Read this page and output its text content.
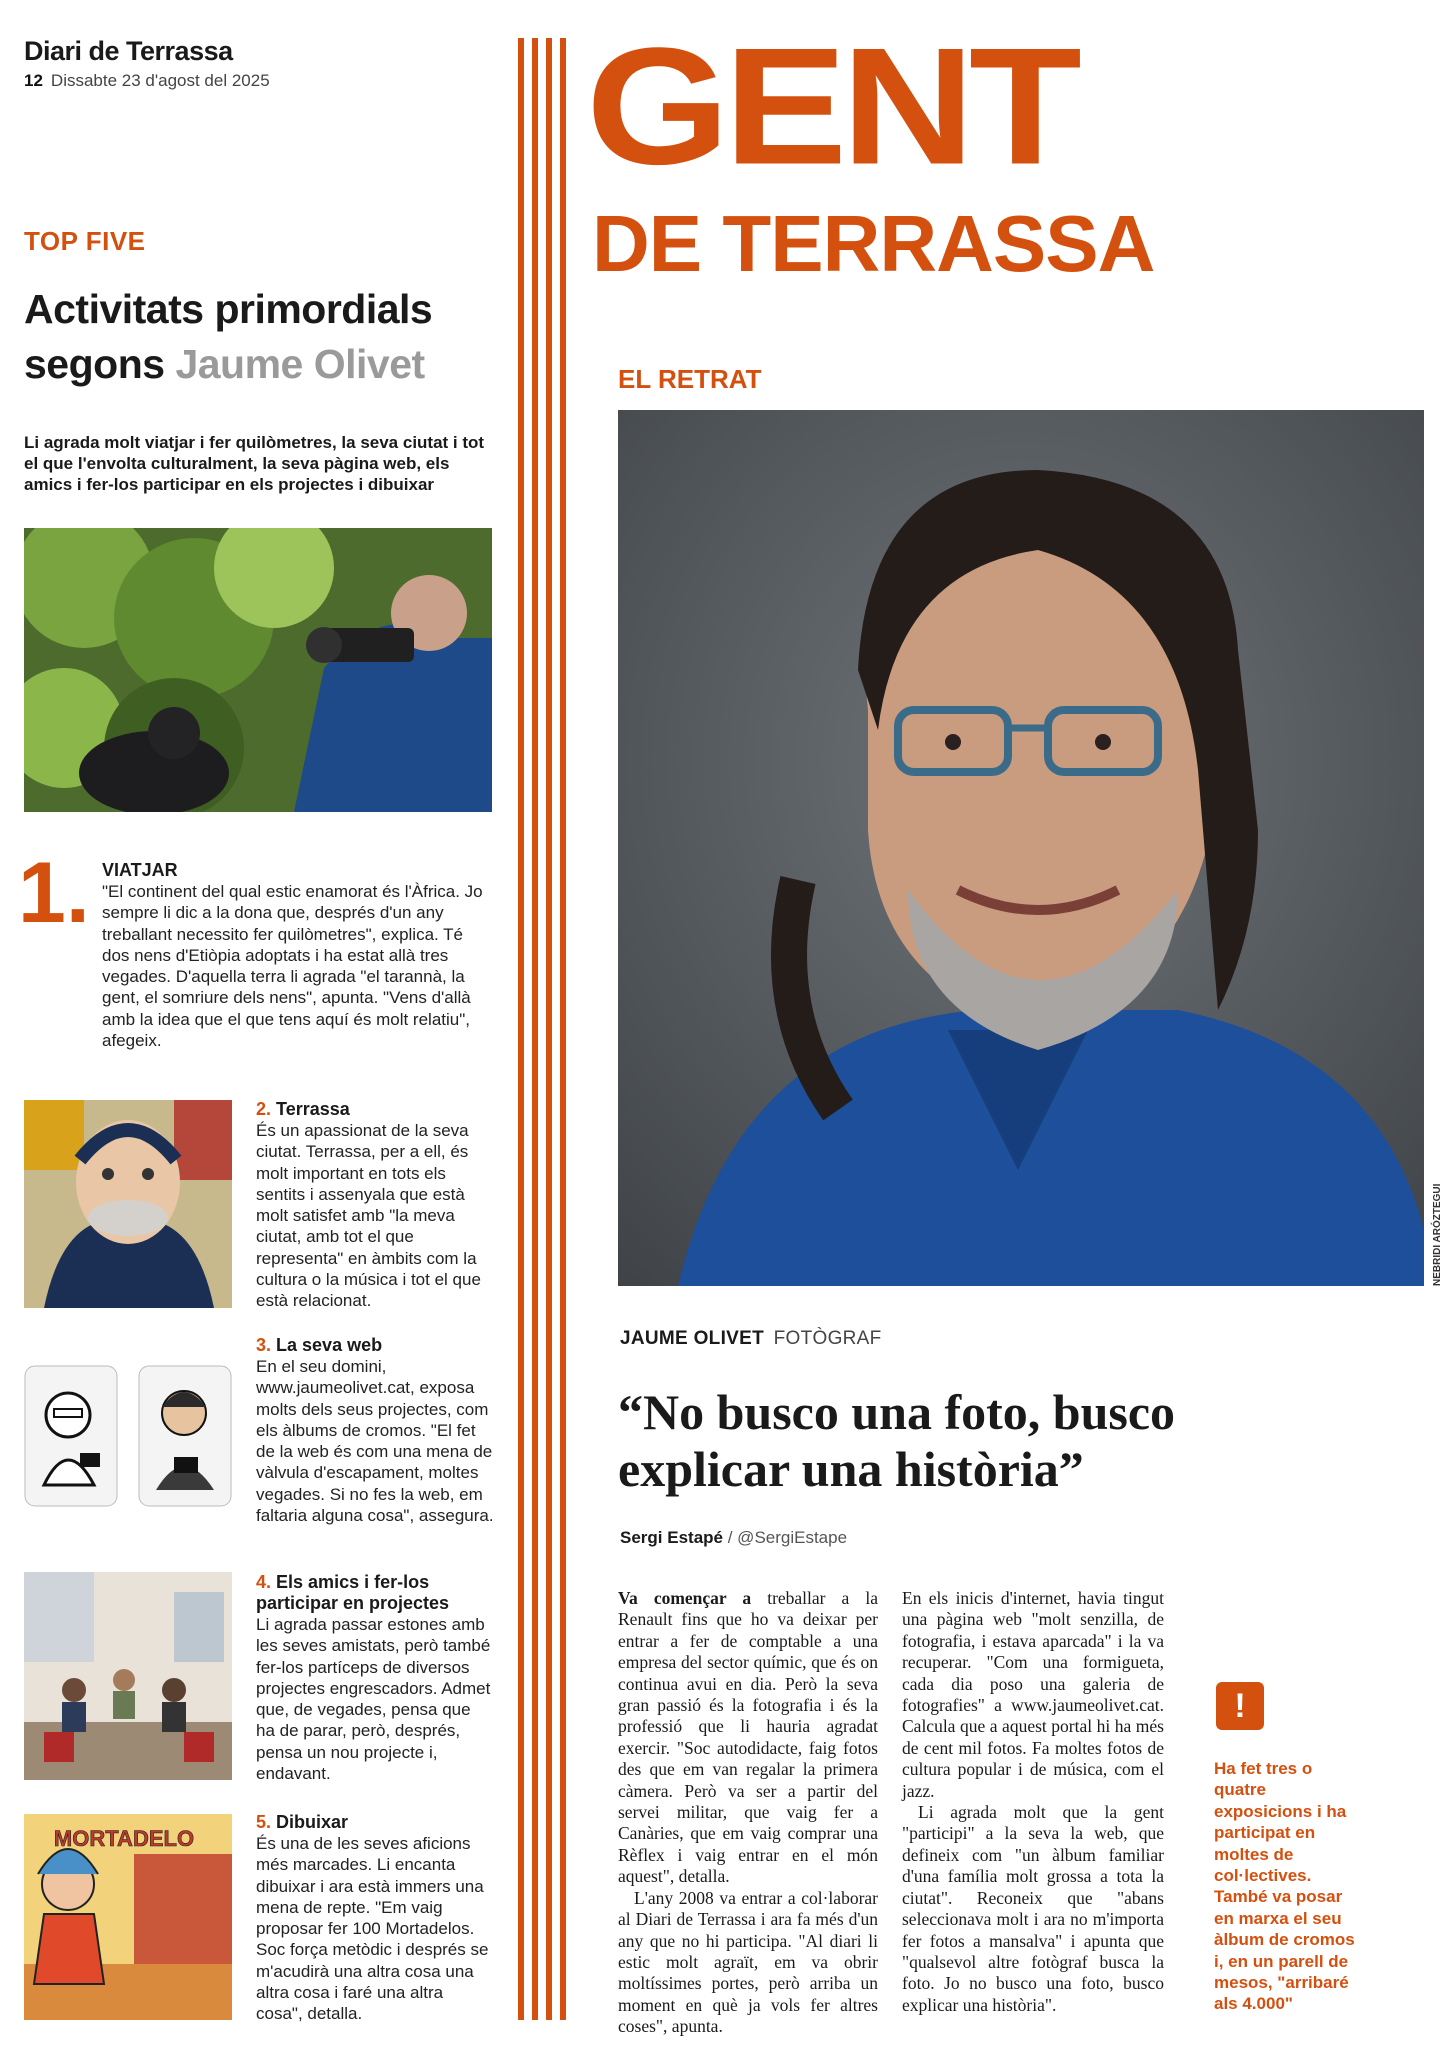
Diari de Terrassa
12 Dissabte 23 d'agost del 2025
TOP FIVE
Activitats primordials segons Jaume Olivet
Li agrada molt viatjar i fer quilòmetres, la seva ciutat i tot el que l'envolta culturalment, la seva pàgina web, els amics i fer-los participar en els projectes i dibuixar
1. VIATJAR
"El continent del qual estic enamorat és l'Àfrica. Jo sempre li dic a la dona que, després d'un any treballant necessito fer quilòmetres", explica. Té dos nens d'Etiòpia adoptats i ha estat allà tres vegades. D'aquella terra li agrada "el tarannà, la gent, el somriure dels nens", apunta. "Vens d'allà amb la idea que el que tens aquí és molt relatiu", afegeix.
2. Terrassa
És un apassionat de la seva ciutat. Terrassa, per a ell, és molt important en tots els sentits i assenyala que està molt satisfet amb "la meva ciutat, amb tot el que representa" en àmbits com la cultura o la música i tot el que està relacionat.
3. La seva web
En el seu domini, www.jaumeolivet.cat, exposa molts dels seus projectes, com els àlbums de cromos. "El fet de la web és com una mena de vàlvula d'escapament, moltes vegades. Si no fes la web, em faltaria alguna cosa", assegura.
4. Els amics i fer-los participar en projectes
Li agrada passar estones amb les seves amistats, però també fer-los partíceps de diversos projectes engrescadors. Admet que, de vegades, pensa que ha de parar, però, després, pensa un nou projecte i, endavant.
MORTADELO
5. Dibuixar
És una de les seves aficions més marcades. Li encanta dibuixar i ara està immers una mena de repte. "Em vaig proposar fer 100 Mortadelos. Soc força metòdic i després se m'acudirà una altra cosa una altra cosa i faré una altra cosa", detalla.
GENT
DE TERRASSA
EL RETRAT
NEBRIDI ARÓZTEGUI
JAUME OLIVET FOTÒGRAF
“No busco una foto, busco explicar una història”
Sergi Estapé / @SergiEstape

Va començar a treballar a la Renault fins que ho va deixar per entrar a fer de comptable a una empresa del sector químic, que és on continua avui en dia. Però la seva gran passió és la fotografia i és la professió que li hauria agradat exercir. "Soc autodidacte, faig fotos des que em van regalar la primera càmera. Però va ser a partir del servei militar, que vaig fer a Canàries, que em vaig comprar una Rèflex i vaig entrar en el món aquest", detalla.

L'any 2008 va entrar a col·laborar al Diari de Terrassa i ara fa més d'un any que no hi participa. "Al diari li estic molt agraït, em va obrir moltíssimes portes, però arriba un moment en què ja vols fer altres coses", apunta.

En els inicis d'internet, havia tingut una pàgina web "molt senzilla, de fotografia, i estava aparcada" i la va recuperar. "Com una formigueta, cada dia poso una galeria de fotografies" a www.jaumeolivet.cat. Calcula que a aquest portal hi ha més de cent mil fotos. Fa moltes fotos de cultura popular i de música, com el jazz.

Li agrada molt que la gent "participi" a la seva la web, que defineix com "un àlbum familiar d'una família molt grossa a tota la ciutat". Reconeix que "abans seleccionava molt i ara no m'importa fer fotos a mansalva" i apunta que "qualsevol altre fotògraf busca la foto. Jo no busco una foto, busco explicar una història".

!
Ha fet tres o quatre exposicions i ha participat en moltes de col·lectives. També va posar en marxa el seu àlbum de cromos i, en un parell de mesos, "arribaré als 4.000"
